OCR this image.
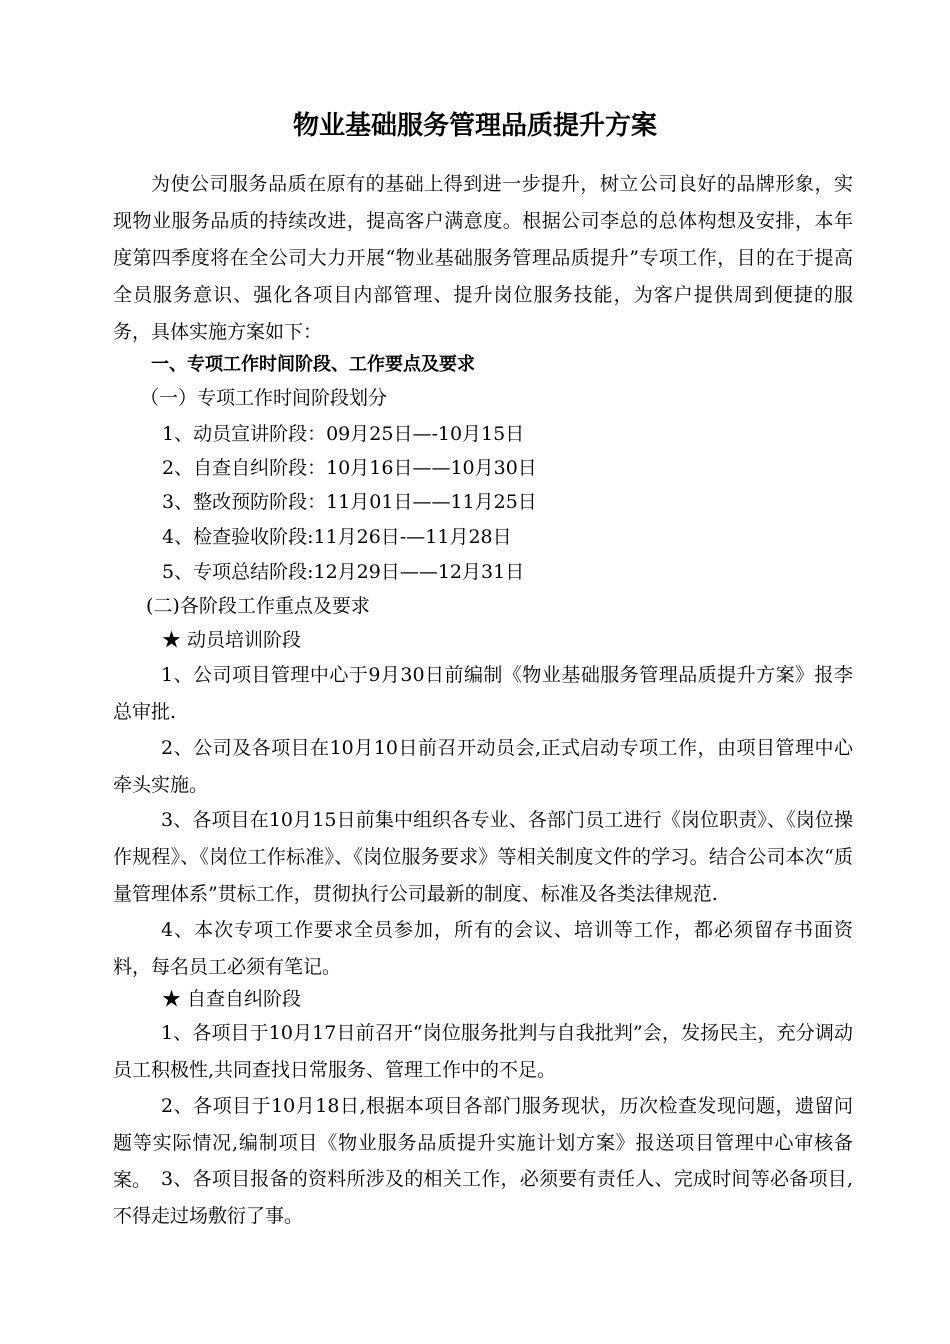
物业基础服务管理品质提升方案

为使公司服务品质在原有的基础上得到进一步提升，树立公司良好的品牌形象，实现物业服务品质的持续改进，提高客户满意度。根据公司李总的总体构想及安排，本年度第四季度将在全公司大力开展“物业基础服务管理品质提升”专项工作，目的在于提高全员服务意识、强化各项目内部管理、提升岗位服务技能，为客户提供周到便捷的服务，具体实施方案如下：

一、专项工作时间阶段、工作要点及要求

（一）专项工作时间阶段划分

1、动员宣讲阶段：09月25日—-10月15日

2、自查自纠阶段：10月16日——10月30日

3、整改预防阶段：11月01日——11月25日

4、检查验收阶段:11月26日-—11月28日

5、专项总结阶段:12月29日——12月31日

(二)各阶段工作重点及要求

★ 动员培训阶段

1、公司项目管理中心于9月30日前编制《物业基础服务管理品质提升方案》报李总审批.

2、公司及各项目在10月10日前召开动员会,正式启动专项工作，由项目管理中心牵头实施。

3、各项目在10月15日前集中组织各专业、各部门员工进行《岗位职责》、《岗位操作规程》、《岗位工作标准》、《岗位服务要求》等相关制度文件的学习。结合公司本次“质量管理体系”贯标工作，贯彻执行公司最新的制度、标准及各类法律规范.

4、本次专项工作要求全员参加，所有的会议、培训等工作，都必须留存书面资料，每名员工必须有笔记。

★ 自查自纠阶段

1、各项目于10月17日前召开“岗位服务批判与自我批判”会，发扬民主，充分调动员工积极性,共同查找日常服务、管理工作中的不足。

2、各项目于10月18日,根据本项目各部门服务现状，历次检查发现问题，遗留问题等实际情况,编制项目《物业服务品质提升实施计划方案》报送项目管理中心审核备案。 3、各项目报备的资料所涉及的相关工作，必须要有责任人、完成时间等必备项目,不得走过场敷衍了事。
